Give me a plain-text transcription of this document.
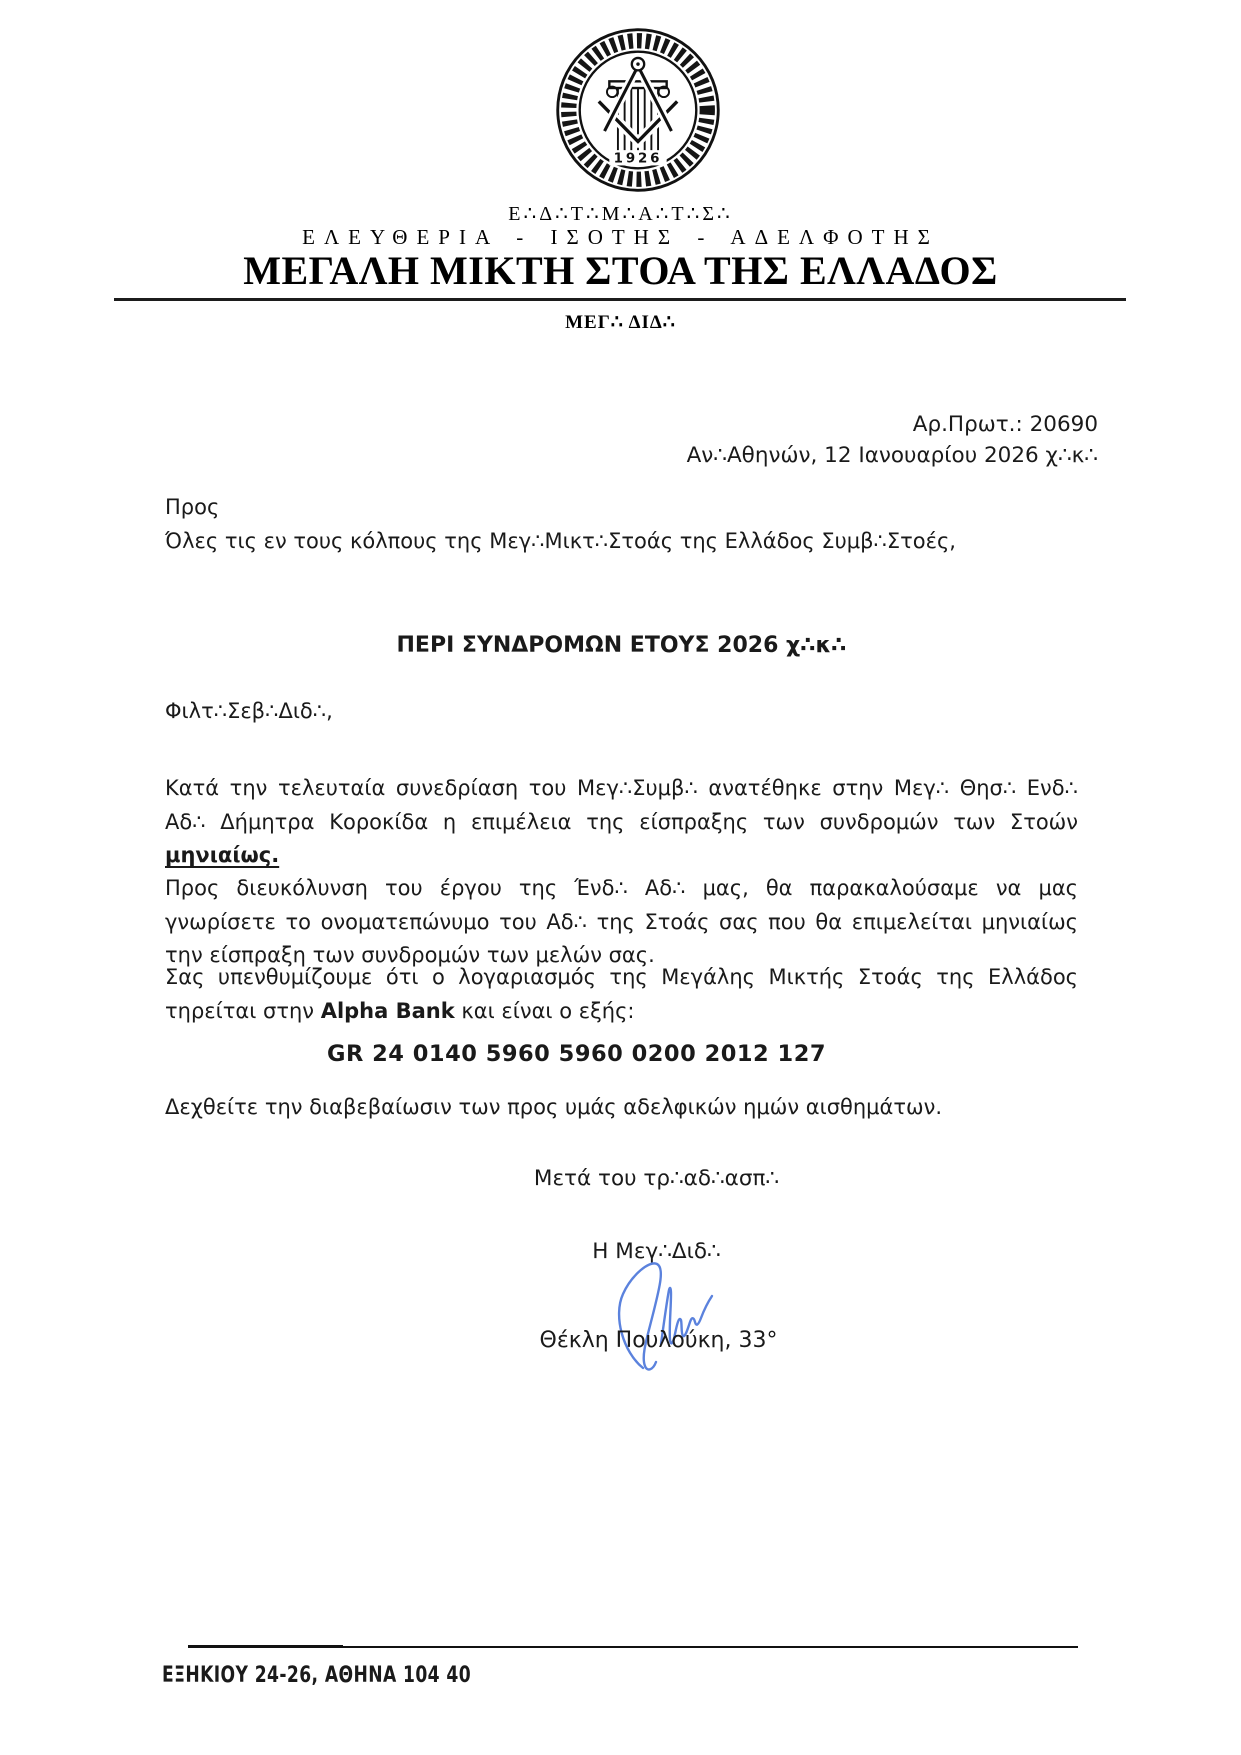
1926
Ε∴Δ∴Τ∴Μ∴Α∴Τ∴Σ∴
ΕΛΕΥΘΕΡΙΑ - ΙΣΟΤΗΣ - ΑΔΕΛΦΟΤΗΣ
ΜΕΓΑΛΗ ΜΙΚΤΗ ΣΤΟΑ ΤΗΣ ΕΛΛΑΔΟΣ
ΜΕΓ∴ ΔΙΔ∴
Αρ.Πρωτ.: 20690
Αν∴Αθηνών, 12 Ιανουαρίου 2026 χ∴κ∴
Προς
Όλες τις εν τους κόλπους της Μεγ∴Μικτ∴Στοάς της Ελλάδος Συμβ∴Στοές,
ΠΕΡΙ ΣΥΝΔΡΟΜΩΝ ΕΤΟΥΣ 2026 χ∴κ∴
Φιλτ∴Σεβ∴Διδ∴,
Κατά την τελευταία συνεδρίαση του Μεγ∴Συμβ∴ ανατέθηκε στην Μεγ∴ Θησ∴ Ενδ∴
Αδ∴ Δήμητρα Κοροκίδα η επιμέλεια της είσπραξης των συνδρομών των Στοών
μηνιαίως.
Προς διευκόλυνση του έργου της Ένδ∴ Αδ∴ μας, θα παρακαλούσαμε να μας
γνωρίσετε το ονοματεπώνυμο του Αδ∴ της Στοάς σας που θα επιμελείται μηνιαίως
την είσπραξη των συνδρομών των μελών σας.
Σας υπενθυμίζουμε ότι ο λογαριασμός της Μεγάλης Μικτής Στοάς της Ελλάδος
τηρείται στην Alpha Bank και είναι ο εξής:
GR 24 0140 5960 5960 0200 2012 127
Δεχθείτε την διαβεβαίωσιν των προς υμάς αδελφικών ημών αισθημάτων.
Μετά του τρ∴αδ∴ασπ∴
Η Μεγ∴Διδ∴
Θέκλη Πουλούκη, 33°
ΕΞΗΚΙΟΥ 24-26, ΑΘΗΝΑ 104 40
